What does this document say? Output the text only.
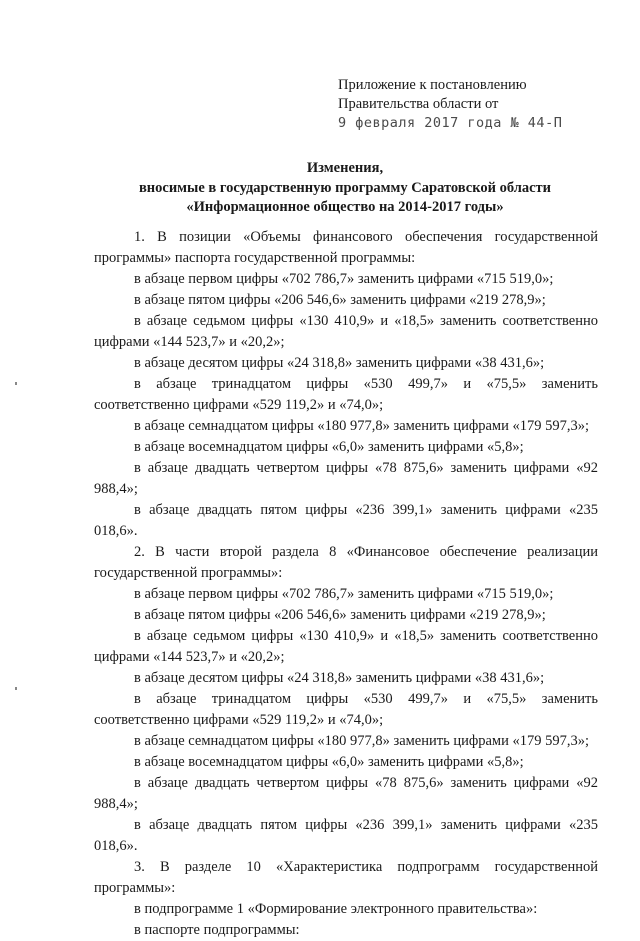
Приложение к постановлению
Правительства области от
9 февраля 2017 года № 44-П
Изменения,
вносимые в государственную программу Саратовской области
«Информационное общество на 2014-2017 годы»

1. В позиции «Объемы финансового обеспечения государственной программы» паспорта государственной программы:

в абзаце первом цифры «702 786,7» заменить цифрами «715 519,0»;

в абзаце пятом цифры «206 546,6» заменить цифрами «219 278,9»;

в абзаце седьмом цифры «130 410,9» и «18,5» заменить соответственно цифрами «144 523,7» и «20,2»;

в абзаце десятом цифры «24 318,8» заменить цифрами «38 431,6»;

в абзаце тринадцатом цифры «530 499,7» и «75,5» заменить соответственно цифрами «529 119,2» и «74,0»;

в абзаце семнадцатом цифры «180 977,8» заменить цифрами «179 597,3»;

в абзаце восемнадцатом цифры «6,0» заменить цифрами «5,8»;

в абзаце двадцать четвертом цифры «78 875,6» заменить цифрами «92 988,4»;

в абзаце двадцать пятом цифры «236 399,1» заменить цифрами «235 018,6».

2. В части второй раздела 8 «Финансовое обеспечение реализации государственной программы»:

в абзаце первом цифры «702 786,7» заменить цифрами «715 519,0»;

в абзаце пятом цифры «206 546,6» заменить цифрами «219 278,9»;

в абзаце седьмом цифры «130 410,9» и «18,5» заменить соответственно цифрами «144 523,7» и «20,2»;

в абзаце десятом цифры «24 318,8» заменить цифрами «38 431,6»;

в абзаце тринадцатом цифры «530 499,7» и «75,5» заменить соответственно цифрами «529 119,2» и «74,0»;

в абзаце семнадцатом цифры «180 977,8» заменить цифрами «179 597,3»;

в абзаце восемнадцатом цифры «6,0» заменить цифрами «5,8»;

в абзаце двадцать четвертом цифры «78 875,6» заменить цифрами «92 988,4»;

в абзаце двадцать пятом цифры «236 399,1» заменить цифрами «235 018,6».

3. В разделе 10 «Характеристика подпрограмм государственной программы»:

в подпрограмме 1 «Формирование электронного правительства»:

в паспорте подпрограммы:
